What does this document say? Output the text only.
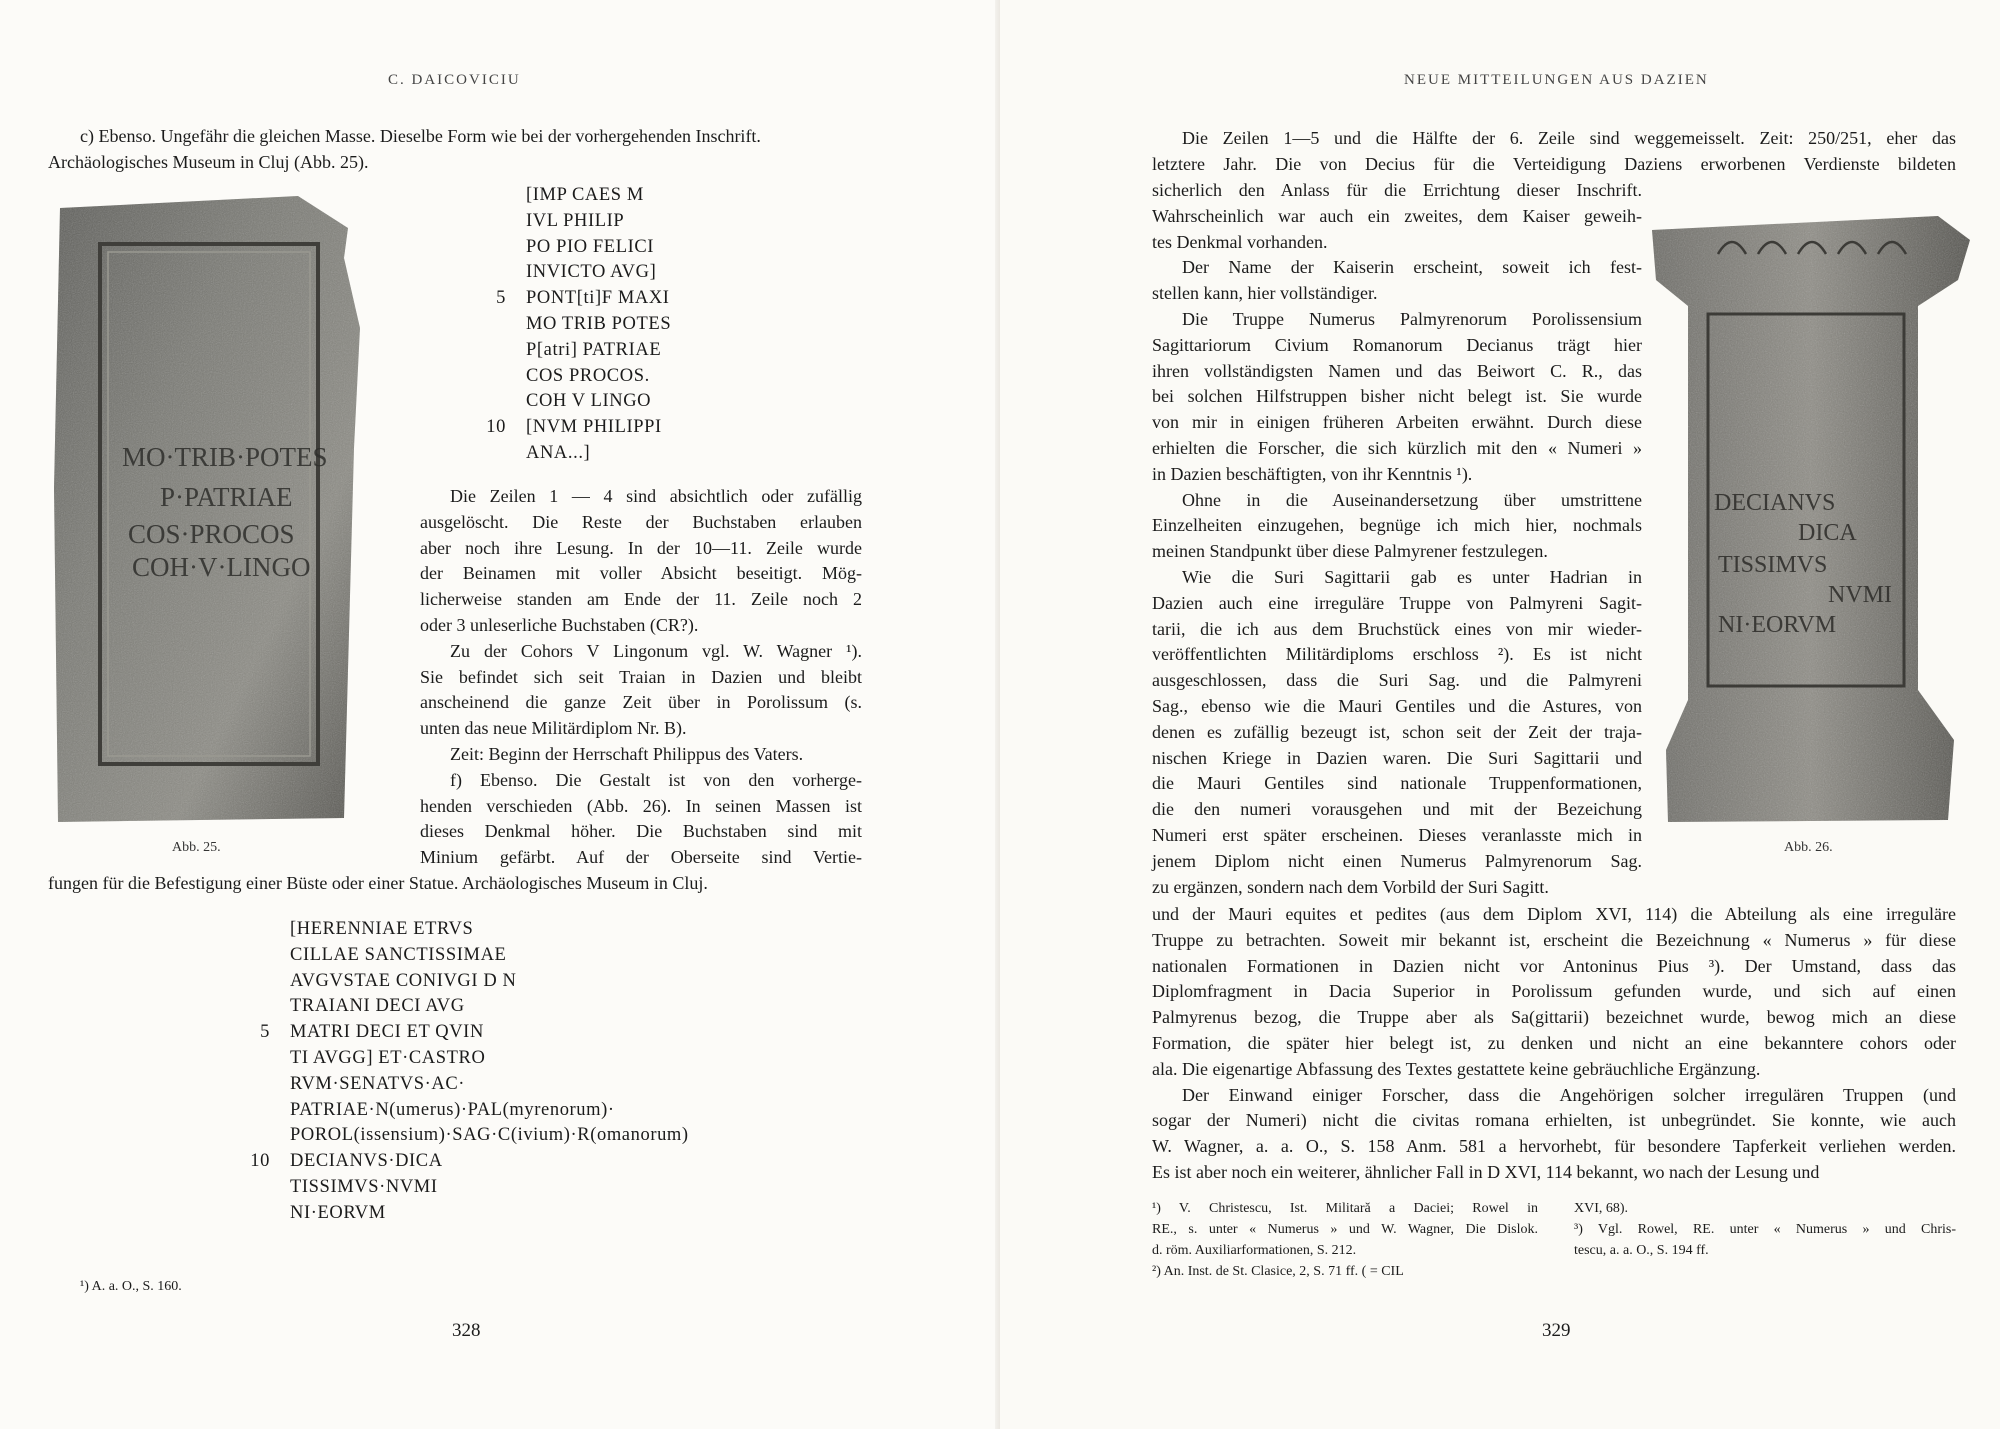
C. DAICOVICIU
c) Ebenso. Ungefähr die gleichen Masse. Dieselbe Form wie bei der vorhergehenden Inschrift.
Archäologisches Museum in Cluj (Abb. 25).
MO·TRIB·POTES
P·PATRIAE
COS·PROCOS
COH·V·LINGO
Abb. 25.
[IMP CAES M
IVL PHILIP
PO PIO FELICI
INVICTO AVG]
5	PONT[ti]F MAXI
MO TRIB POTES
P[atri] PATRIAE
COS PROCOS.
COH V LINGO
10	[NVM PHILIPPI
ANA...]
Die Zeilen 1 — 4 sind absichtlich oder zufällig
ausgelöscht. Die Reste der Buchstaben erlauben
aber noch ihre Lesung. In der 10—11. Zeile wurde
der Beinamen mit voller Absicht beseitigt. Mög-
licherweise standen am Ende der 11. Zeile noch 2
oder 3 unleserliche Buchstaben (CR?).
Zu der Cohors V Lingonum vgl. W. Wagner ¹).
Sie befindet sich seit Traian in Dazien und bleibt
anscheinend die ganze Zeit über in Porolissum (s.
unten das neue Militärdiplom Nr. B).
Zeit: Beginn der Herrschaft Philippus des Vaters.
f) Ebenso. Die Gestalt ist von den vorherge-
henden verschieden (Abb. 26). In seinen Massen ist
dieses Denkmal höher. Die Buchstaben sind mit
Minium gefärbt. Auf der Oberseite sind Vertie-
fungen für die Befestigung einer Büste oder einer Statue. Archäologisches Museum in Cluj.
[HERENNIAE ETRVS
CILLAE SANCTISSIMAE
AVGVSTAE CONIVGI D N
TRAIANI DECI AVG
5	MATRI DECI ET QVIN
TI AVGG] ET·CASTRO
RVM·SENATVS·AC·
PATRIAE·N(umerus)·PAL(myrenorum)·
POROL(issensium)·SAG·C(ivium)·R(omanorum)
10	DECIANVS·DICA
TISSIMVS·NVMI
NI·EORVM
¹) A. a. O., S. 160.
328
NEUE MITTEILUNGEN AUS DAZIEN
Die Zeilen 1—5 und die Hälfte der 6. Zeile sind weggemeisselt. Zeit: 250/251, eher das
letztere Jahr. Die von Decius für die Verteidigung Daziens erworbenen Verdienste bildeten
sicherlich den Anlass für die Errichtung dieser Inschrift.
Wahrscheinlich war auch ein zweites, dem Kaiser geweih-
tes Denkmal vorhanden.
Der Name der Kaiserin erscheint, soweit ich fest-
stellen kann, hier vollständiger.
Die Truppe Numerus Palmyrenorum Porolissensium
Sagittariorum Civium Romanorum Decianus trägt hier
ihren vollständigsten Namen und das Beiwort C. R., das
bei solchen Hilfstruppen bisher nicht belegt ist. Sie wurde
von mir in einigen früheren Arbeiten erwähnt. Durch diese
erhielten die Forscher, die sich kürzlich mit den « Numeri »
in Dazien beschäftigten, von ihr Kenntnis ¹).
Ohne in die Auseinandersetzung über umstrittene
Einzelheiten einzugehen, begnüge ich mich hier, nochmals
meinen Standpunkt über diese Palmyrener festzulegen.
Wie die Suri Sagittarii gab es unter Hadrian in
Dazien auch eine irreguläre Truppe von Palmyreni Sagit-
tarii, die ich aus dem Bruchstück eines von mir wieder-
veröffentlichten Militärdiploms erschloss ²). Es ist nicht
ausgeschlossen, dass die Suri Sag. und die Palmyreni
Sag., ebenso wie die Mauri Gentiles und die Astures, von
denen es zufällig bezeugt ist, schon seit der Zeit der traja-
nischen Kriege in Dazien waren. Die Suri Sagittarii und
die Mauri Gentiles sind nationale Truppenformationen,
die den numeri vorausgehen und mit der Bezeichung
Numeri erst später erscheinen. Dieses veranlasste mich in
jenem Diplom nicht einen Numerus Palmyrenorum Sag.
zu ergänzen, sondern nach dem Vorbild der Suri Sagitt.
DECIANVS
DICA
TISSIMVS
NVMI
NI·EORVM
Abb. 26.
und der Mauri equites et pedites (aus dem Diplom XVI, 114) die Abteilung als eine irreguläre
Truppe zu betrachten. Soweit mir bekannt ist, erscheint die Bezeichnung « Numerus » für diese
nationalen Formationen in Dazien nicht vor Antoninus Pius ³). Der Umstand, dass das
Diplomfragment in Dacia Superior in Porolissum gefunden wurde, und sich auf einen
Palmyrenus bezog, die Truppe aber als Sa(gittarii) bezeichnet wurde, bewog mich an diese
Formation, die später hier belegt ist, zu denken und nicht an eine bekanntere cohors oder
ala. Die eigenartige Abfassung des Textes gestattete keine gebräuchliche Ergänzung.
Der Einwand einiger Forscher, dass die Angehörigen solcher irregulären Truppen (und
sogar der Numeri) nicht die civitas romana erhielten, ist unbegründet. Sie konnte, wie auch
W. Wagner, a. a. O., S. 158 Anm. 581 a hervorhebt, für besondere Tapferkeit verliehen werden.
Es ist aber noch ein weiterer, ähnlicher Fall in D XVI, 114 bekannt, wo nach der Lesung und
¹) V. Christescu, Ist. Militară a Daciei; Rowel in
RE., s. unter « Numerus » und W. Wagner, Die Dislok.
d. röm. Auxiliarformationen, S. 212.
²) An. Inst. de St. Clasice, 2, S. 71 ff. ( = CIL
XVI, 68).
³) Vgl. Rowel, RE. unter « Numerus » und Chris-
tescu, a. a. O., S. 194 ff.
329
